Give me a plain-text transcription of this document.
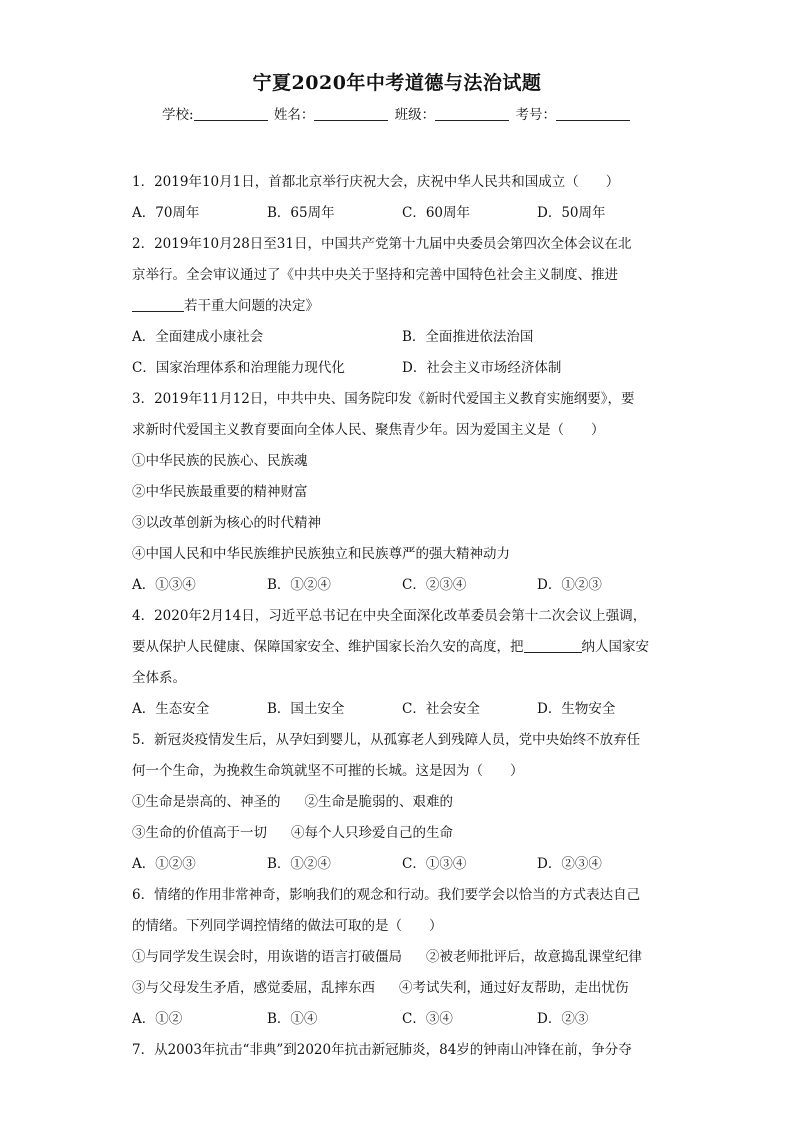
宁夏2020年中考道德与法治试题
学校:	姓名：	班级：	考号：
1．2019年10月1日，首都北京举行庆祝大会，庆祝中华人民共和国成立（　　）
A．70周年	B．65周年	C．60周年	D．50周年
2．2019年10月28日至31日，中国共产党第十九届中央委员会第四次全体会议在北
京举行。全会审议通过了《中共中央关于坚持和完善中国特色社会主义制度、推进
若干重大问题的决定》
A．全面建成小康社会	B．全面推进依法治国
C．国家治理体系和治理能力现代化	D．社会主义市场经济体制
3．2019年11月12日，中共中央、国务院印发《新时代爱国主义教育实施纲要》，要
求新时代爱国主义教育要面向全体人民、聚焦青少年。因为爱国主义是（　　）
①中华民族的民族心、民族魂
②中华民族最重要的精神财富
③以改革创新为核心的时代精神
④中国人民和中华民族维护民族独立和民族尊严的强大精神动力
A．①③④	B．①②④	C．②③④	D．①②③
4．2020年2月14日，习近平总书记在中央全面深化改革委员会第十二次会议上强调，
要从保护人民健康、保障国家安全、维护国家长治久安的高度，把	纳人国家安
全体系。
A．生态安全	B．国土安全	C．社会安全	D．生物安全
5．新冠炎疫情发生后，从孕妇到婴儿，从孤寡老人到残障人员，党中央始终不放弃任
何一个生命，为挽救生命筑就坚不可摧的长城。这是因为（　　）
①生命是崇高的、神圣的 ②生命是脆弱的、艰难的
③生命的价值高于一切 ④每个人只珍爱自己的生命
A．①②③	B．①②④	C．①③④	D．②③④
6．情绪的作用非常神奇，影响我们的观念和行动。我们要学会以恰当的方式表达自己
的情绪。下列同学调控情绪的做法可取的是（　　）
①与同学发生误会时，用诙谐的语言打破僵局 ②被老师批评后，故意捣乱课堂纪律
③与父母发生矛盾，感觉委屈，乱摔东西 ④考试失利，通过好友帮助，走出忧伤
A．①②	B．①④	C．③④	D．②③
7．从2003年抗击“非典”到2020年抗击新冠肺炎，84岁的钟南山冲锋在前，争分夺
